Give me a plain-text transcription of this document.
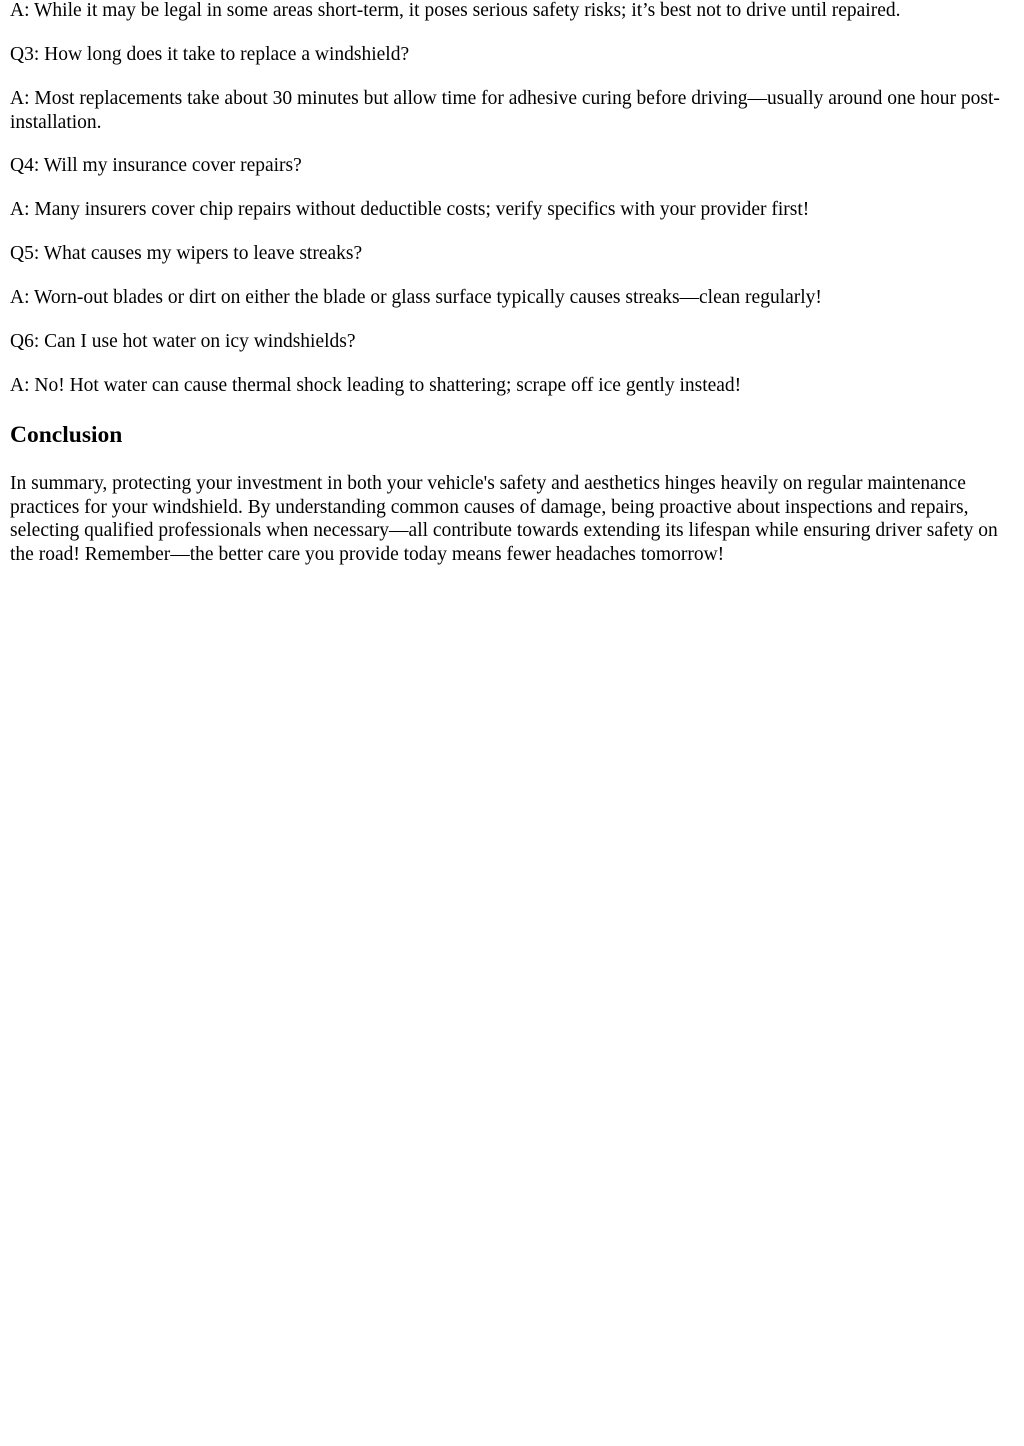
A: While it may be legal in some areas short-term, it poses serious safety risks; it’s best not to drive until repaired.

Q3: How long does it take to replace a windshield?

A: Most replacements take about 30 minutes but allow time for adhesive curing before driving—usually around one hour post-installation.

Q4: Will my insurance cover repairs?

A: Many insurers cover chip repairs without deductible costs; verify specifics with your provider first!

Q5: What causes my wipers to leave streaks?

A: Worn-out blades or dirt on either the blade or glass surface typically causes streaks—clean regularly!

Q6: Can I use hot water on icy windshields?

A: No! Hot water can cause thermal shock leading to shattering; scrape off ice gently instead!

Conclusion

In summary, protecting your investment in both your vehicle's safety and aesthetics hinges heavily on regular maintenance practices for your windshield. By understanding common causes of damage, being proactive about inspections and repairs, selecting qualified professionals when necessary—all contribute towards extending its lifespan while ensuring driver safety on the road! Remember—the better care you provide today means fewer headaches tomorrow!
